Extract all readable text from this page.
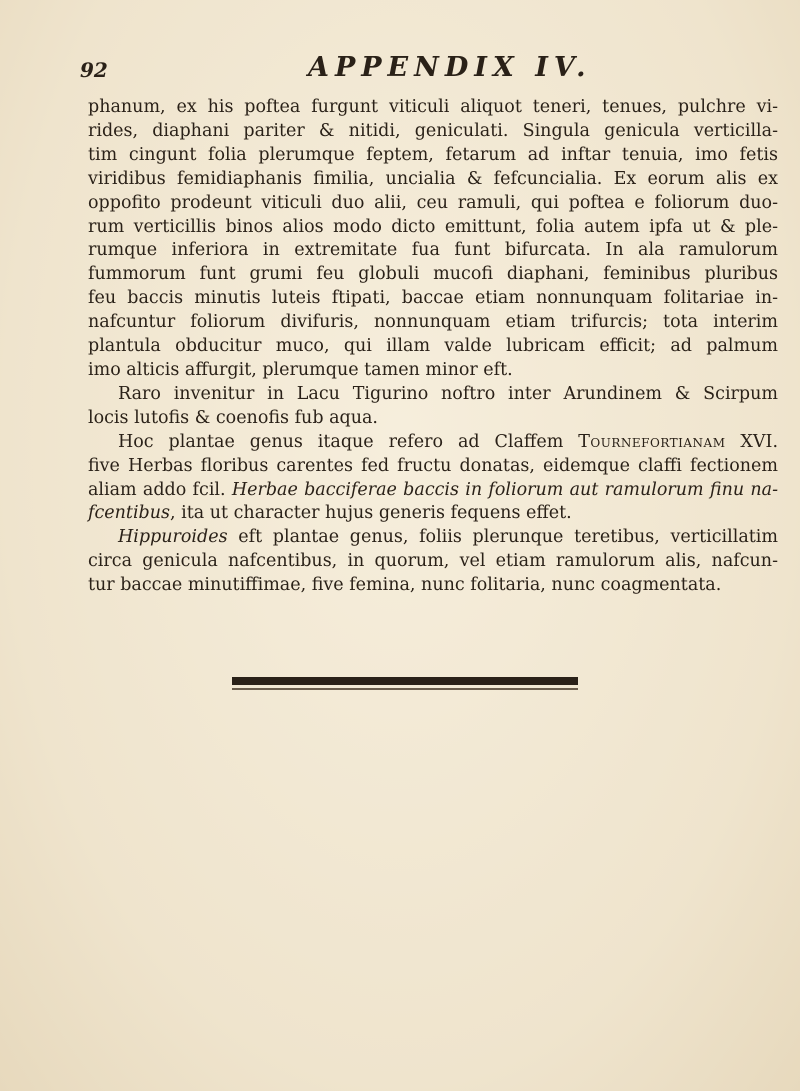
92	APPENDIX IV.
phanum, ex his poftea furgunt viticuli aliquot teneri, tenues, pulchre vi-
rides, diaphani pariter & nitidi, geniculati. Singula genicula verticilla-
tim cingunt folia plerumque feptem, fetarum ad inftar tenuia, imo fetis
viridibus femidiaphanis fimilia, uncialia & fefcuncialia. Ex eorum alis ex
oppofito prodeunt viticuli duo alii, ceu ramuli, qui poftea e foliorum duo-
rum verticillis binos alios modo dicto emittunt, folia autem ipfa ut & ple-
rumque inferiora in extremitate fua funt bifurcata. In ala ramulorum
fummorum funt grumi feu globuli mucofi diaphani, feminibus pluribus
feu baccis minutis luteis ftipati, baccae etiam nonnunquam folitariae in-
nafcuntur foliorum divifuris, nonnunquam etiam trifurcis; tota interim
plantula obducitur muco, qui illam valde lubricam efficit; ad palmum
imo alticis affurgit, plerumque tamen minor eft.
Raro invenitur in Lacu Tigurino noftro inter Arundinem & Scirpum
locis lutofis & coenofis fub aqua.
Hoc plantae genus itaque refero ad Claffem Tournefortianam XVI.
five Herbas floribus carentes fed fructu donatas, eidemque claffi fectionem
aliam addo fcil. Herbae bacciferae baccis in foliorum aut ramulorum finu na-
fcentibus, ita ut character hujus generis fequens effet.
Hippuroides eft plantae genus, foliis plerunque teretibus, verticillatim
circa genicula nafcentibus, in quorum, vel etiam ramulorum alis, nafcun-
tur baccae minutiffimae, five femina, nunc folitaria, nunc coagmentata.
